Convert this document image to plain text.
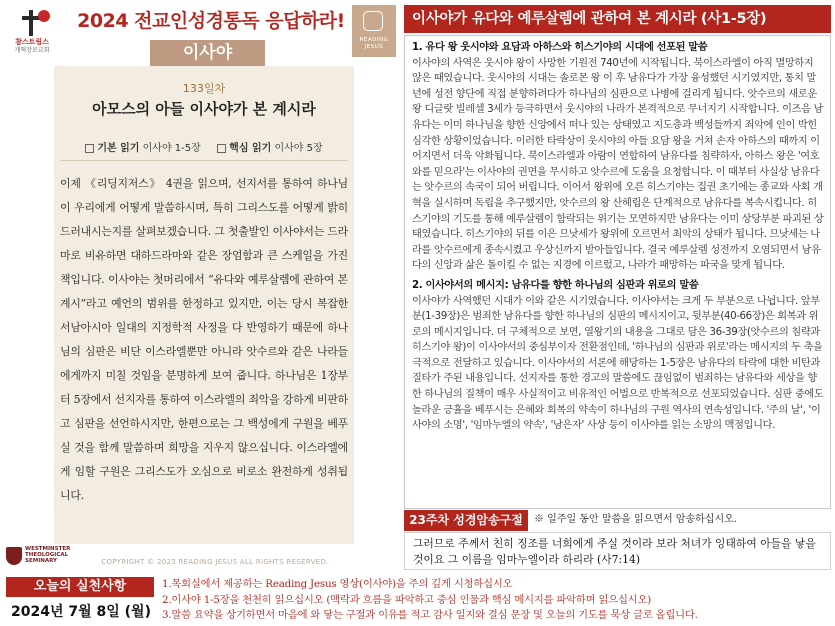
참스트림스
개혁장로교회
2024 전교인성경통독 응답하라!
이사야
133일차
아모스의 아들 이사야가 본 계시라
기본 읽기 이사야 1-5장	핵심 읽기 이사야 5장
이제 《리딩지저스》 4권을 읽으며, 선지서를 통하여 하나님이 우리에게 어떻게 말씀하시며, 특히 그리스도를 어떻게 밝히 드러내시는지를 살펴보겠습니다. 그 첫출발인 이사야서는 드라마로 비유하면 대하드라마와 같은 장엄함과 큰 스케일을 가진 책입니다. 이사야는 첫머리에서 “유다와 예루살렘에 관하여 본 계시”라고 예언의 범위를 한정하고 있지만, 이는 당시 복잡한 서남아시아 일대의 지정학적 사정을 다 반영하기 때문에 하나님의 심판은 비단 이스라엘뿐만 아니라 앗수르와 같은 나라들에게까지 미칠 것임을 분명하게 보여 줍니다. 하나님은 1장부터 5장에서 선지자를 통하여 이스라엘의 죄악을 강하게 비판하고 심판을 선언하시지만, 한편으로는 그 백성에게 구원을 베푸실 것을 함께 말씀하며 희망을 지우지 않으십니다. 이스라엘에게 임할 구원은 그리스도가 오심으로 비로소 완전하게 성취됩니다.
WESTMINSTER THEOLOGICAL SEMINARY	COPYRIGHT © 2023 READING JESUS ALL RIGHTS RESERVED.
READING JESUS
이사야가 유다와 예루살렘에 관하여 본 계시라 (사1-5장)

1. 유다 왕 웃시야와 요담과 아하스와 히스기야의 시대에 선포된 말씀

이사야의 사역은 웃시야 왕이 사망한 기원전 740년에 시작됩니다. 북이스라엘이 아직 멸망하지 않은 때였습니다. 웃시야의 시대는 솔로몬 왕 이 후 남유다가 가장 융성했던 시기였지만, 통치 말년에 성전 향단에 직접 분향하려다가 하나님의 심판으로 나병에 걸리게 됩니다. 앗수르의 새로운 왕 디글랏 빌레셀 3세가 등극하면서 웃시야의 나라가 본격적으로 무너지기 시작합니다. 이즈음 남유다는 이미 하나님을 향한 신앙에서 떠나 있는 상태였고 지도층과 백성들까지 죄악에 인이 박힌 심각한 상황이었습니다. 이러한 타락상이 웃시야의 아들 요담 왕을 거쳐 손자 아하스의 때까지 이어지면서 더욱 악화됩니다. 북이스라엘과 아람이 연합하여 남유다를 침략하자, 아하스 왕은 '여호와를 믿으라'는 이사야의 권면을 무시하고 앗수르에 도움을 요청합니다. 이 때부터 사실상 남유다는 앗수르의 속국이 되어 버립니다. 이어서 왕위에 오른 히스기야는 집권 초기에는 종교와 사회 개혁을 실시하며 독립을 추구했지만, 앗수르의 왕 산헤립은 단계적으로 남유다를 복속시킵니다. 히스기야의 기도를 통해 예루살렘이 함락되는 위기는 모면하지만 남유다는 이미 상당부분 파괴된 상태였습니다. 히스기야의 뒤를 이은 므낫세가 왕위에 오르면서 최악의 상태가 됩니다. 므낫세는 나라를 앗수르에게 종속시켰고 우상신까지 받아들입니다. 결국 예루살렘 성전까지 오염되면서 남유다의 신앙과 삶은 돌이킬 수 없는 지경에 이르렀고, 나라가 패망하는 파국을 맞게 됩니다.

2. 이사야서의 메시지: 남유다를 향한 하나님의 심판과 위로의 말씀

이사야가 사역했던 시대가 이와 같은 시기였습니다. 이사야서는 크게 두 부분으로 나뉩니다. 앞부분(1-39장)은 범죄한 남유다를 향한 하나님의 심판의 메시지이고, 뒷부분(40-66장)은 회복과 위로의 메시지입니다. 더 구체적으로 보면, 열왕기의 내용을 그대로 담은 36-39장(앗수르의 침략과 히스기야 왕)이 이사야서의 중심부이자 전환점인데, '하나님의 심판과 위로'라는 메시지의 두 축을 극적으로 전달하고 있습니다. 이사야서의 서론에 해당하는 1-5장은 남유다의 타락에 대한 비탄과 질타가 주된 내용입니다. 선지자를 통한 경고의 말씀에도 끊임없이 범죄하는 남유다와 세상을 향한 하나님의 질책이 매우 사실적이고 비유적인 어법으로 반복적으로 선포되었습니다. 심판 중에도 놀라운 긍휼을 베푸시는 은혜와 회복의 약속이 하나님의 구원 역사의 연속성입니다. '주의 날', '이사야의 소명', '임마누엘의 약속', '남은자' 사상 등이 이사야를 읽는 소망의 맥점입니다.

23주차 성경암송구절	※ 일주일 동안 말씀을 읽으면서 암송하십시오.
그러므로 주께서 친히 징조를 너희에게 주실 것이라 보라 처녀가 잉태하여 아들을 낳을 것이요 그 이름을 임마누엘이라 하리라 (사7:14)
오늘의 실천사항
2024년 7월 8일 (월)
1.목회실에서 제공하는 Reading Jesus 영상(이사야)을 주의 깊게 시청하십시오
2.이사야 1-5장을 천천히 읽으십시오 (맥락과 흐름을 파악하고 중심 인물과 핵심 메시지를 파악하며 읽으십시오)
3.말씀 요약을 상기하면서 마음에 와 닿는 구절과 이유를 적고 감사 일지와 결심 문장 및 오늘의 기도를 묵상 글로 올립니다.
